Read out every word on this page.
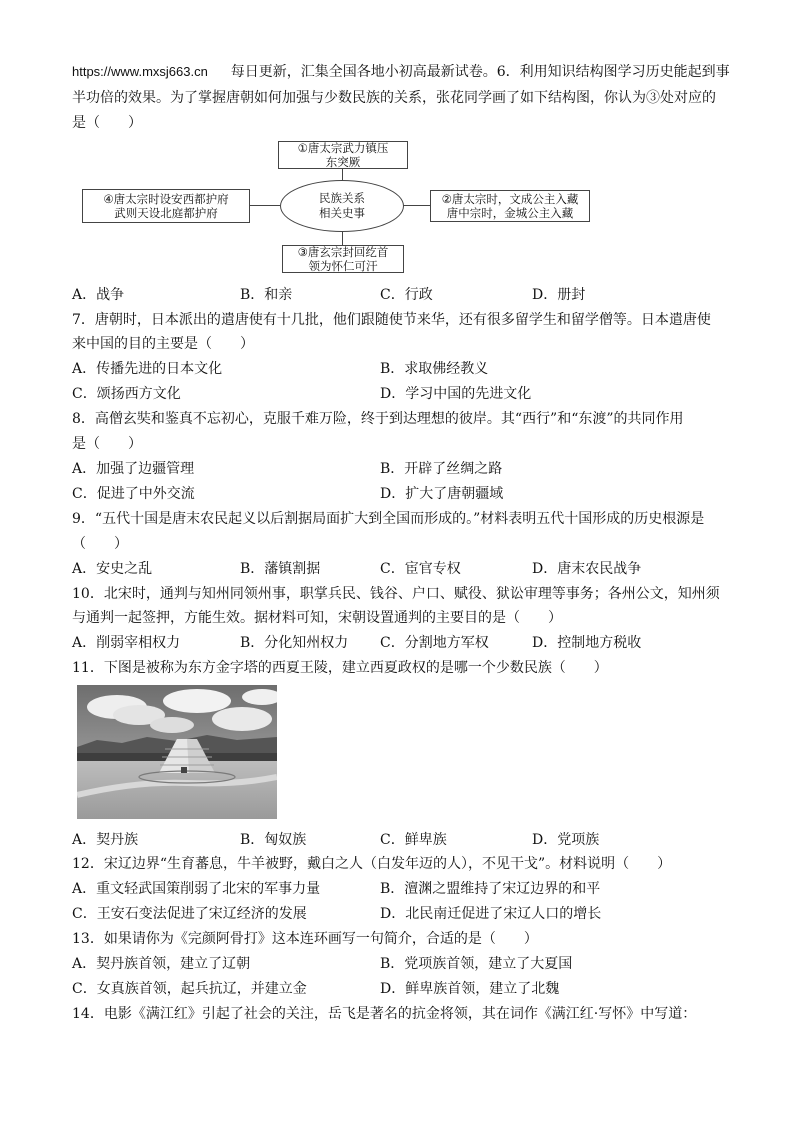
https://www.mxsj663.cn 每日更新，汇集全国各地小初高最新试卷。6．利用知识结构图学习历史能起到事
半功倍的效果。为了掌握唐朝如何加强与少数民族的关系，张花同学画了如下结构图，你认为③处对应的
是（　　）
①唐太宗武力镇压
东突厥
民族关系
相关史事
②唐太宗时，文成公主入藏
唐中宗时，金城公主入藏
④唐太宗时设安西都护府
武则天设北庭都护府
③唐玄宗封回纥首
领为怀仁可汗
A．战争	B．和亲	C．行政	D．册封
7．唐朝时，日本派出的遣唐使有十几批，他们跟随使节来华，还有很多留学生和留学僧等。日本遣唐使
来中国的目的主要是（　　）
A．传播先进的日本文化	B．求取佛经教义
C．颂扬西方文化	D．学习中国的先进文化
8．高僧玄奘和鉴真不忘初心，克服千难万险，终于到达理想的彼岸。其“西行”和“东渡”的共同作用
是（　　）
A．加强了边疆管理	B．开辟了丝绸之路
C．促进了中外交流	D．扩大了唐朝疆域
9．“五代十国是唐末农民起义以后割据局面扩大到全国而形成的。”材料表明五代十国形成的历史根源是
（　　）
A．安史之乱	B．藩镇割据	C．宦官专权	D．唐末农民战争
10．北宋时，通判与知州同领州事，职掌兵民、钱谷、户口、赋役、狱讼审理等事务；各州公文，知州须
与通判一起签押，方能生效。据材料可知，宋朝设置通判的主要目的是（　　）
A．削弱宰相权力	B．分化知州权力 C．分割地方军权	D．控制地方税收
11．下图是被称为东方金字塔的西夏王陵，建立西夏政权的是哪一个少数民族（　　）
A．契丹族	B．匈奴族	C．鲜卑族	D．党项族
12．宋辽边界“生育蕃息，牛羊被野，戴白之人（白发年迈的人），不见干戈”。材料说明（　　）
A．重文轻武国策削弱了北宋的军事力量	B．澶渊之盟维持了宋辽边界的和平
C．王安石变法促进了宋辽经济的发展	D．北民南迁促进了宋辽人口的增长
13．如果请你为《完颜阿骨打》这本连环画写一句简介，合适的是（　　）
A．契丹族首领，建立了辽朝	B．党项族首领，建立了大夏国
C．女真族首领，起兵抗辽，并建立金	D．鲜卑族首领，建立了北魏
14．电影《满江红》引起了社会的关注，岳飞是著名的抗金将领，其在词作《满江红·写怀》中写道：
